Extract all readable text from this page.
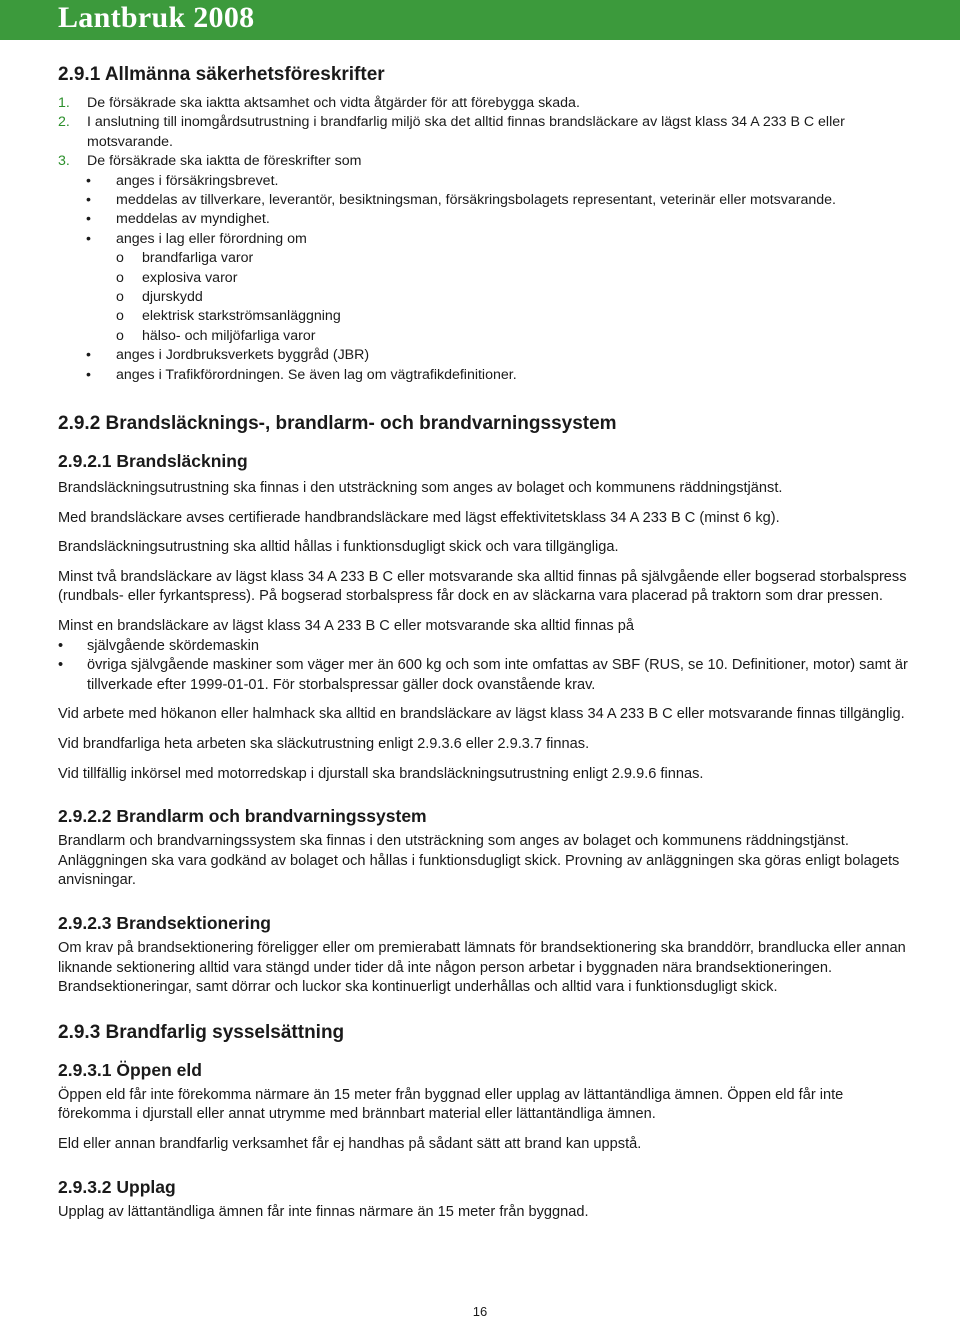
Lantbruk 2008
2.9.1 Allmänna säkerhetsföreskrifter
1. De försäkrade ska iaktta aktsamhet och vidta åtgärder för att förebygga skada.
2. I anslutning till inomgårdsutrustning i brandfarlig miljö ska det alltid finnas brandsläckare av lägst klass 34 A 233 B C eller motsvarande.
3. De försäkrade ska iaktta de föreskrifter som
• anges i försäkringsbrevet.
• meddelas av tillverkare, leverantör, besiktningsman, försäkringsbolagets representant, veterinär eller motsvarande.
• meddelas av myndighet.
• anges i lag eller förordning om
o brandfarliga varor
o explosiva varor
o djurskydd
o elektrisk starkströmsanläggning
o hälso- och miljöfarliga varor
• anges i Jordbruksverkets byggråd (JBR)
• anges i Trafikförordningen. Se även lag om vägtrafikdefinitioner.
2.9.2 Brandsläcknings-, brandlarm- och brandvarningssystem
2.9.2.1 Brandsläckning

Brandsläckningsutrustning ska finnas i den utsträckning som anges av bolaget och kommunens räddningstjänst.

Med brandsläckare avses certifierade handbrandsläckare med lägst effektivitetsklass 34 A 233 B C (minst 6 kg).

Brandsläckningsutrustning ska alltid hållas i funktionsdugligt skick och vara tillgängliga.

Minst två brandsläckare av lägst klass 34 A 233 B C eller motsvarande ska alltid finnas på självgående eller bogserad storbalspress (rundbals- eller fyrkantspress). På bogserad storbalspress får dock en av släckarna vara placerad på traktorn som drar pressen.

Minst en brandsläckare av lägst klass 34 A 233 B C eller motsvarande ska alltid finnas på

• självgående skördemaskin
• övriga självgående maskiner som väger mer än 600 kg och som inte omfattas av SBF (RUS, se 10. Definitioner, motor) samt är tillverkade efter 1999-01-01. För storbalspressar gäller dock ovanstående krav.

Vid arbete med hökanon eller halmhack ska alltid en brandsläckare av lägst klass 34 A 233 B C eller motsvarande finnas tillgänglig.

Vid brandfarliga heta arbeten ska släckutrustning enligt 2.9.3.6 eller 2.9.3.7 finnas.

Vid tillfällig inkörsel med motorredskap i djurstall ska brandsläckningsutrustning enligt 2.9.9.6 finnas.

2.9.2.2 Brandlarm och brandvarningssystem

Brandlarm och brandvarningssystem ska finnas i den utsträckning som anges av bolaget och kommunens räddningstjänst. Anläggningen ska vara godkänd av bolaget och hållas i funktionsdugligt skick. Provning av anläggningen ska göras enligt bolagets anvisningar.

2.9.2.3 Brandsektionering

Om krav på brandsektionering föreligger eller om premierabatt lämnats för brandsektionering ska branddörr, brandlucka eller annan liknande sektionering alltid vara stängd under tider då inte någon person arbetar i byggnaden nära brandsektioneringen. Brandsektioneringar, samt dörrar och luckor ska kontinuerligt underhållas och alltid vara i funktionsdugligt skick.

2.9.3 Brandfarlig sysselsättning
2.9.3.1 Öppen eld

Öppen eld får inte förekomma närmare än 15 meter från byggnad eller upplag av lättantändliga ämnen. Öppen eld får inte förekomma i djurstall eller annat utrymme med brännbart material eller lättantändliga ämnen.

Eld eller annan brandfarlig verksamhet får ej handhas på sådant sätt att brand kan uppstå.

2.9.3.2 Upplag

Upplag av lättantändliga ämnen får inte finnas närmare än 15 meter från byggnad.

16
